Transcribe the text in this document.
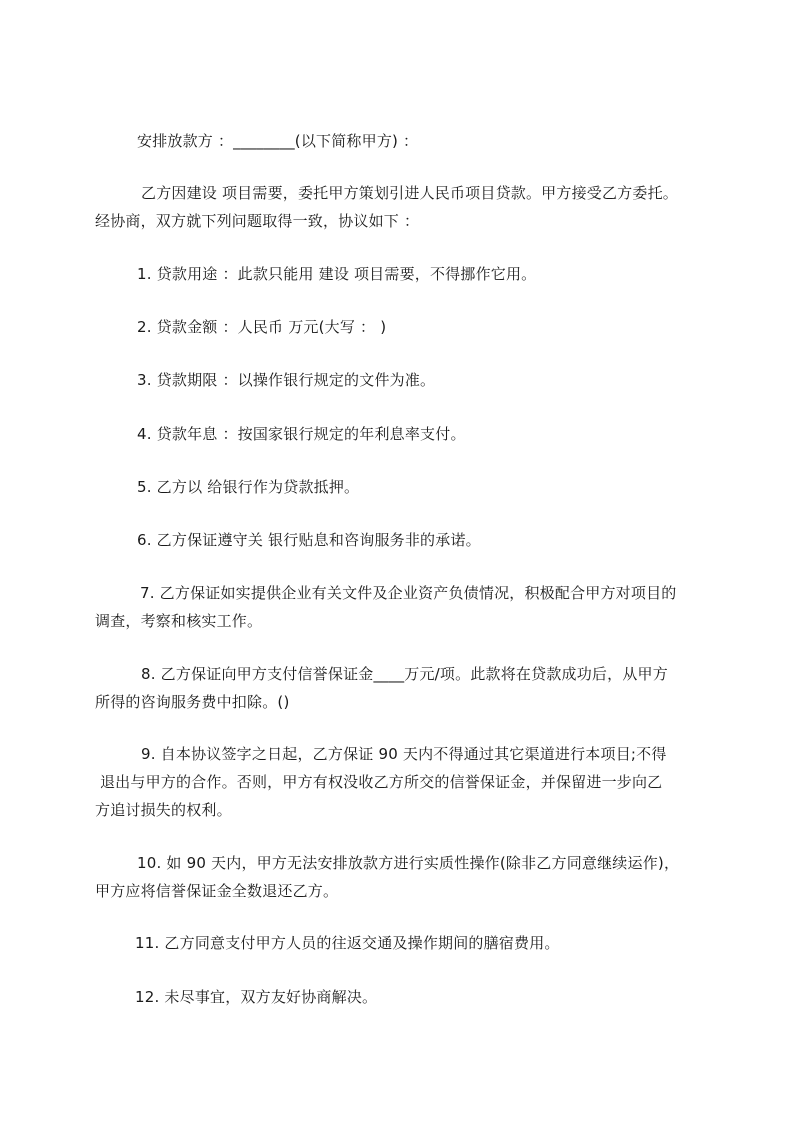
安排放款方 ：________(以下简称甲方) ：
乙方因建设 项目需要，委托甲方策划引进人民币项目贷款。甲方接受乙方委托。
经协商，双方就下列问题取得一致，协议如下 ：
1. 贷款用途 ：此款只能用 建设 项目需要，不得挪作它用。
2. 贷款金额 ：人民币 万元(大写 ： )
3. 贷款期限 ：以操作银行规定的文件为准。
4. 贷款年息 ：按国家银行规定的年利息率支付。
5. 乙方以 给银行作为贷款抵押。
6. 乙方保证遵守关 银行贴息和咨询服务非的承诺。
7. 乙方保证如实提供企业有关文件及企业资产负债情况，积极配合甲方对项目的
调查，考察和核实工作。
8. 乙方保证向甲方支付信誉保证金____万元/项。此款将在贷款成功后，从甲方
所得的咨询服务费中扣除。()
9. 自本协议签字之日起，乙方保证 90 天内不得通过其它渠道进行本项目;不得
退出与甲方的合作。否则，甲方有权没收乙方所交的信誉保证金，并保留进一步向乙
方追讨损失的权利。
10. 如 90 天内，甲方无法安排放款方进行实质性操作(除非乙方同意继续运作)，
甲方应将信誉保证金全数退还乙方。
11. 乙方同意支付甲方人员的往返交通及操作期间的膳宿费用。
12. 未尽事宜，双方友好协商解决。
